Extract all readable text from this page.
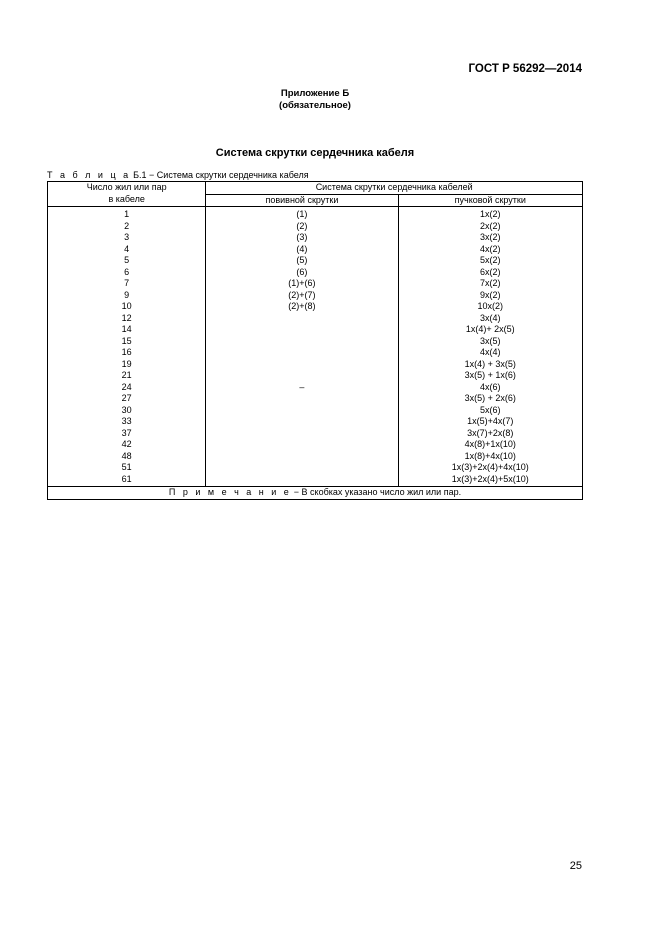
ГОСТ Р 56292—2014
Приложение Б
(обязательное)
Система скрутки сердечника кабеля
Т а б л и ц а Б.1 − Система скрутки сердечника кабеля
Число жил или пар
в кабеле	Система скрутки сердечника кабелей	
	повивной скрутки	пучковой скрутки
1	(1)	1x(2)
2	(2)	2x(2)
3	(3)	3x(2)
4	(4)	4x(2)
5	(5)	5x(2)
6	(6)	6x(2)
7	(1)+(6)	7x(2)
9	(2)+(7)	9x(2)
10	(2)+(8)	10x(2)
12		3x(4)
14		1x(4)+ 2x(5)
15		3x(5)
16		4x(4)
19		1x(4) + 3x(5)
21		3x(5) + 1x(6)
24	–	4x(6)
27		3x(5) + 2x(6)
30		5x(6)
33		1x(5)+4x(7)
37		3x(7)+2x(8)
42		4x(8)+1x(10)
48		1x(8)+4x(10)
51		1x(3)+2x(4)+4x(10)
61		1x(3)+2x(4)+5x(10)
П р и м е ч а н и е − В скобках указано число жил или пар.		
25
